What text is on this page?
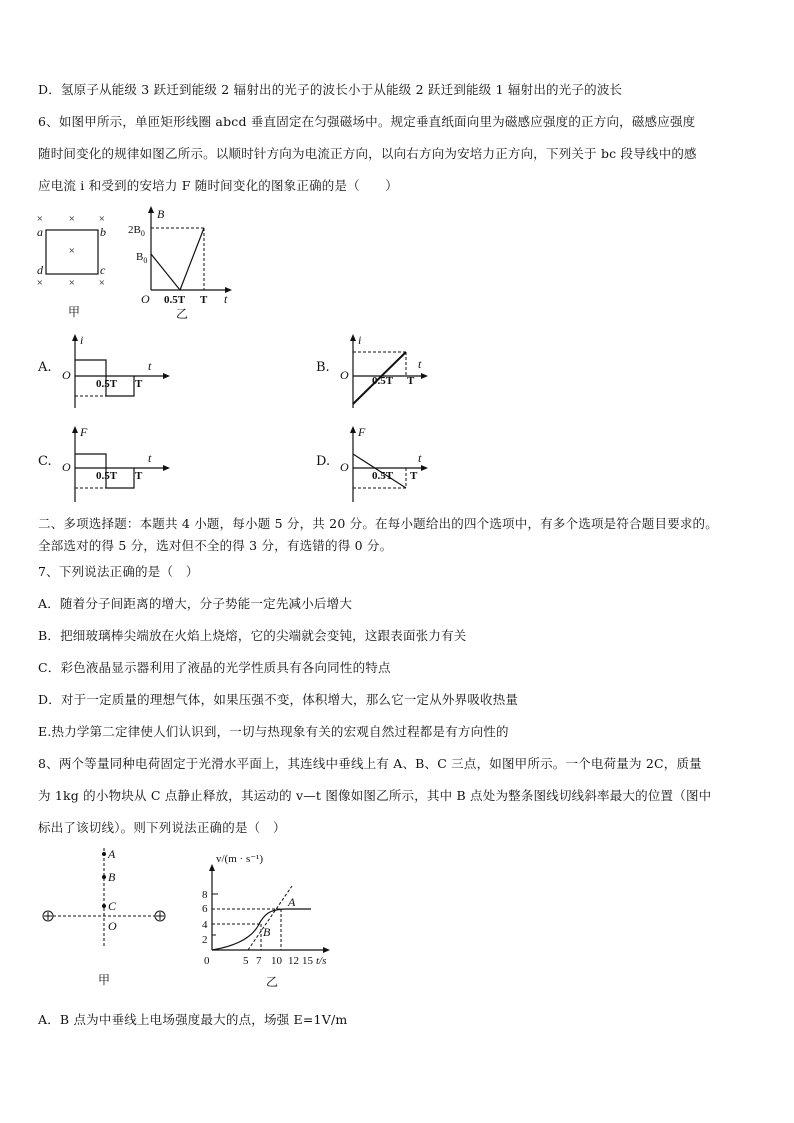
D．氢原子从能级 3 跃迁到能级 2 辐射出的光子的波长小于从能级 2 跃迁到能级 1 辐射出的光子的波长
6、如图甲所示，单匝矩形线圈 abcd 垂直固定在匀强磁场中。规定垂直纸面向里为磁感应强度的正方向，磁感应强度
随时间变化的规律如图乙所示。以顺时针方向为电流正方向，以向右方向为安培力正方向，下列关于 bc 段导线中的感
应电流 i 和受到的安培力 F 随时间变化的图象正确的是（　　）
× × ×
×
× × ×
a	b
c
d
甲
B
$2B_0$
$B_0$
O 0.5T T t
乙
A.
i
O
0.5T T
t	B.
i
O 0.5T T
t
C.
F
O
0.5T T
t	D.
F
O
0.5T T
t
二、多项选择题：本题共 4 小题，每小题 5 分，共 20 分。在每小题给出的四个选项中，有多个选项是符合题目要求的。
全部选对的得 5 分，选对但不全的得 3 分，有选错的得 0 分。
7、下列说法正确的是（　）
A．随着分子间距离的增大，分子势能一定先减小后增大
B．把细玻璃棒尖端放在火焰上烧熔，它的尖端就会变钝，这跟表面张力有关
C．彩色液晶显示器利用了液晶的光学性质具有各向同性的特点
D．对于一定质量的理想气体，如果压强不变，体积增大，那么它一定从外界吸收热量
E.热力学第二定律使人们认识到，一切与热现象有关的宏观自然过程都是有方向性的
8、两个等量同种电荷固定于光滑水平面上，其连线中垂线上有 A、B、C 三点，如图甲所示。一个电荷量为 2C，质量
为 1kg 的小物块从 C 点静止释放，其运动的 v—t 图像如图乙所示，其中 B 点处为整条图线切线斜率最大的位置（图中
标出了该切线）。则下列说法正确的是（　）
A
B
C
O
甲
v/(m · s⁻¹)
8
6
4
2
0	5 7 10 12 15 t/s
A
B
乙
A．B 点为中垂线上电场强度最大的点，场强 E=1V/m
